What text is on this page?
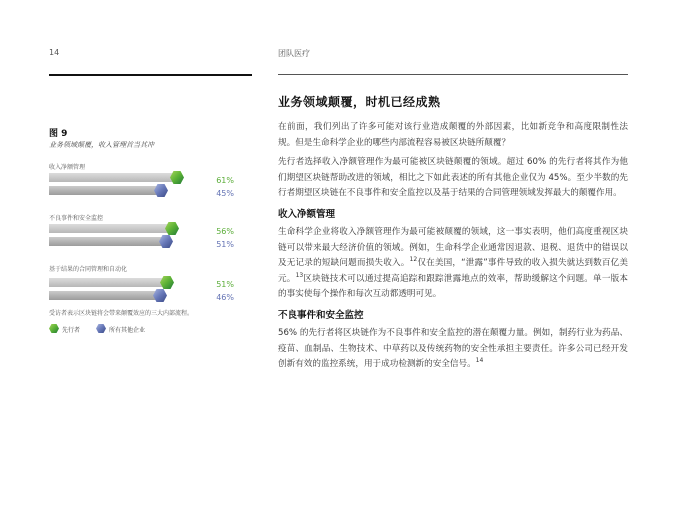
14	团队医疗
图 9
业务领域颠覆，收入管理首当其冲
收入净额管理
61%
45%
不良事件和安全监控
56%
51%
基于结果的合同管理和自动化
51%
46%
受访者表示区块链将会带来颠覆效应的三大内部流程。
先行者	所有其他企业
业务领域颠覆，时机已经成熟

在前面，我们列出了许多可能对该行业造成颠覆的外部因素，比如新竞争和高度限制性法规。但是生命科学企业的哪些内部流程容易被区块链所颠覆？

先行者选择收入净额管理作为最可能被区块链颠覆的领域。超过 60% 的先行者将其作为他们期望区块链帮助改进的领域，相比之下如此表述的所有其他企业仅为 45%。至少半数的先行者期望区块链在不良事件和安全监控以及基于结果的合同管理领域发挥最大的颠覆作用。

收入净额管理

生命科学企业将收入净额管理作为最可能被颠覆的领域，这一事实表明，他们高度重视区块链可以带来最大经济价值的领域。例如，生命科学企业通常因退款、退税、退货中的错误以及无记录的短缺问题而损失收入。$^{12}$仅在美国，“泄露”事件导致的收入损失就达到数百亿美元。$^{13}$区块链技术可以通过提高追踪和跟踪泄露地点的效率，帮助缓解这个问题。单一版本的事实使每个操作和每次互动都透明可见。

不良事件和安全监控

56% 的先行者将区块链作为不良事件和安全监控的潜在颠覆力量。例如，制药行业为药品、疫苗、血制品、生物技术、中草药以及传统药物的安全性承担主要责任。许多公司已经开发创新有效的监控系统，用于成功检测新的安全信号。$^{14}$
